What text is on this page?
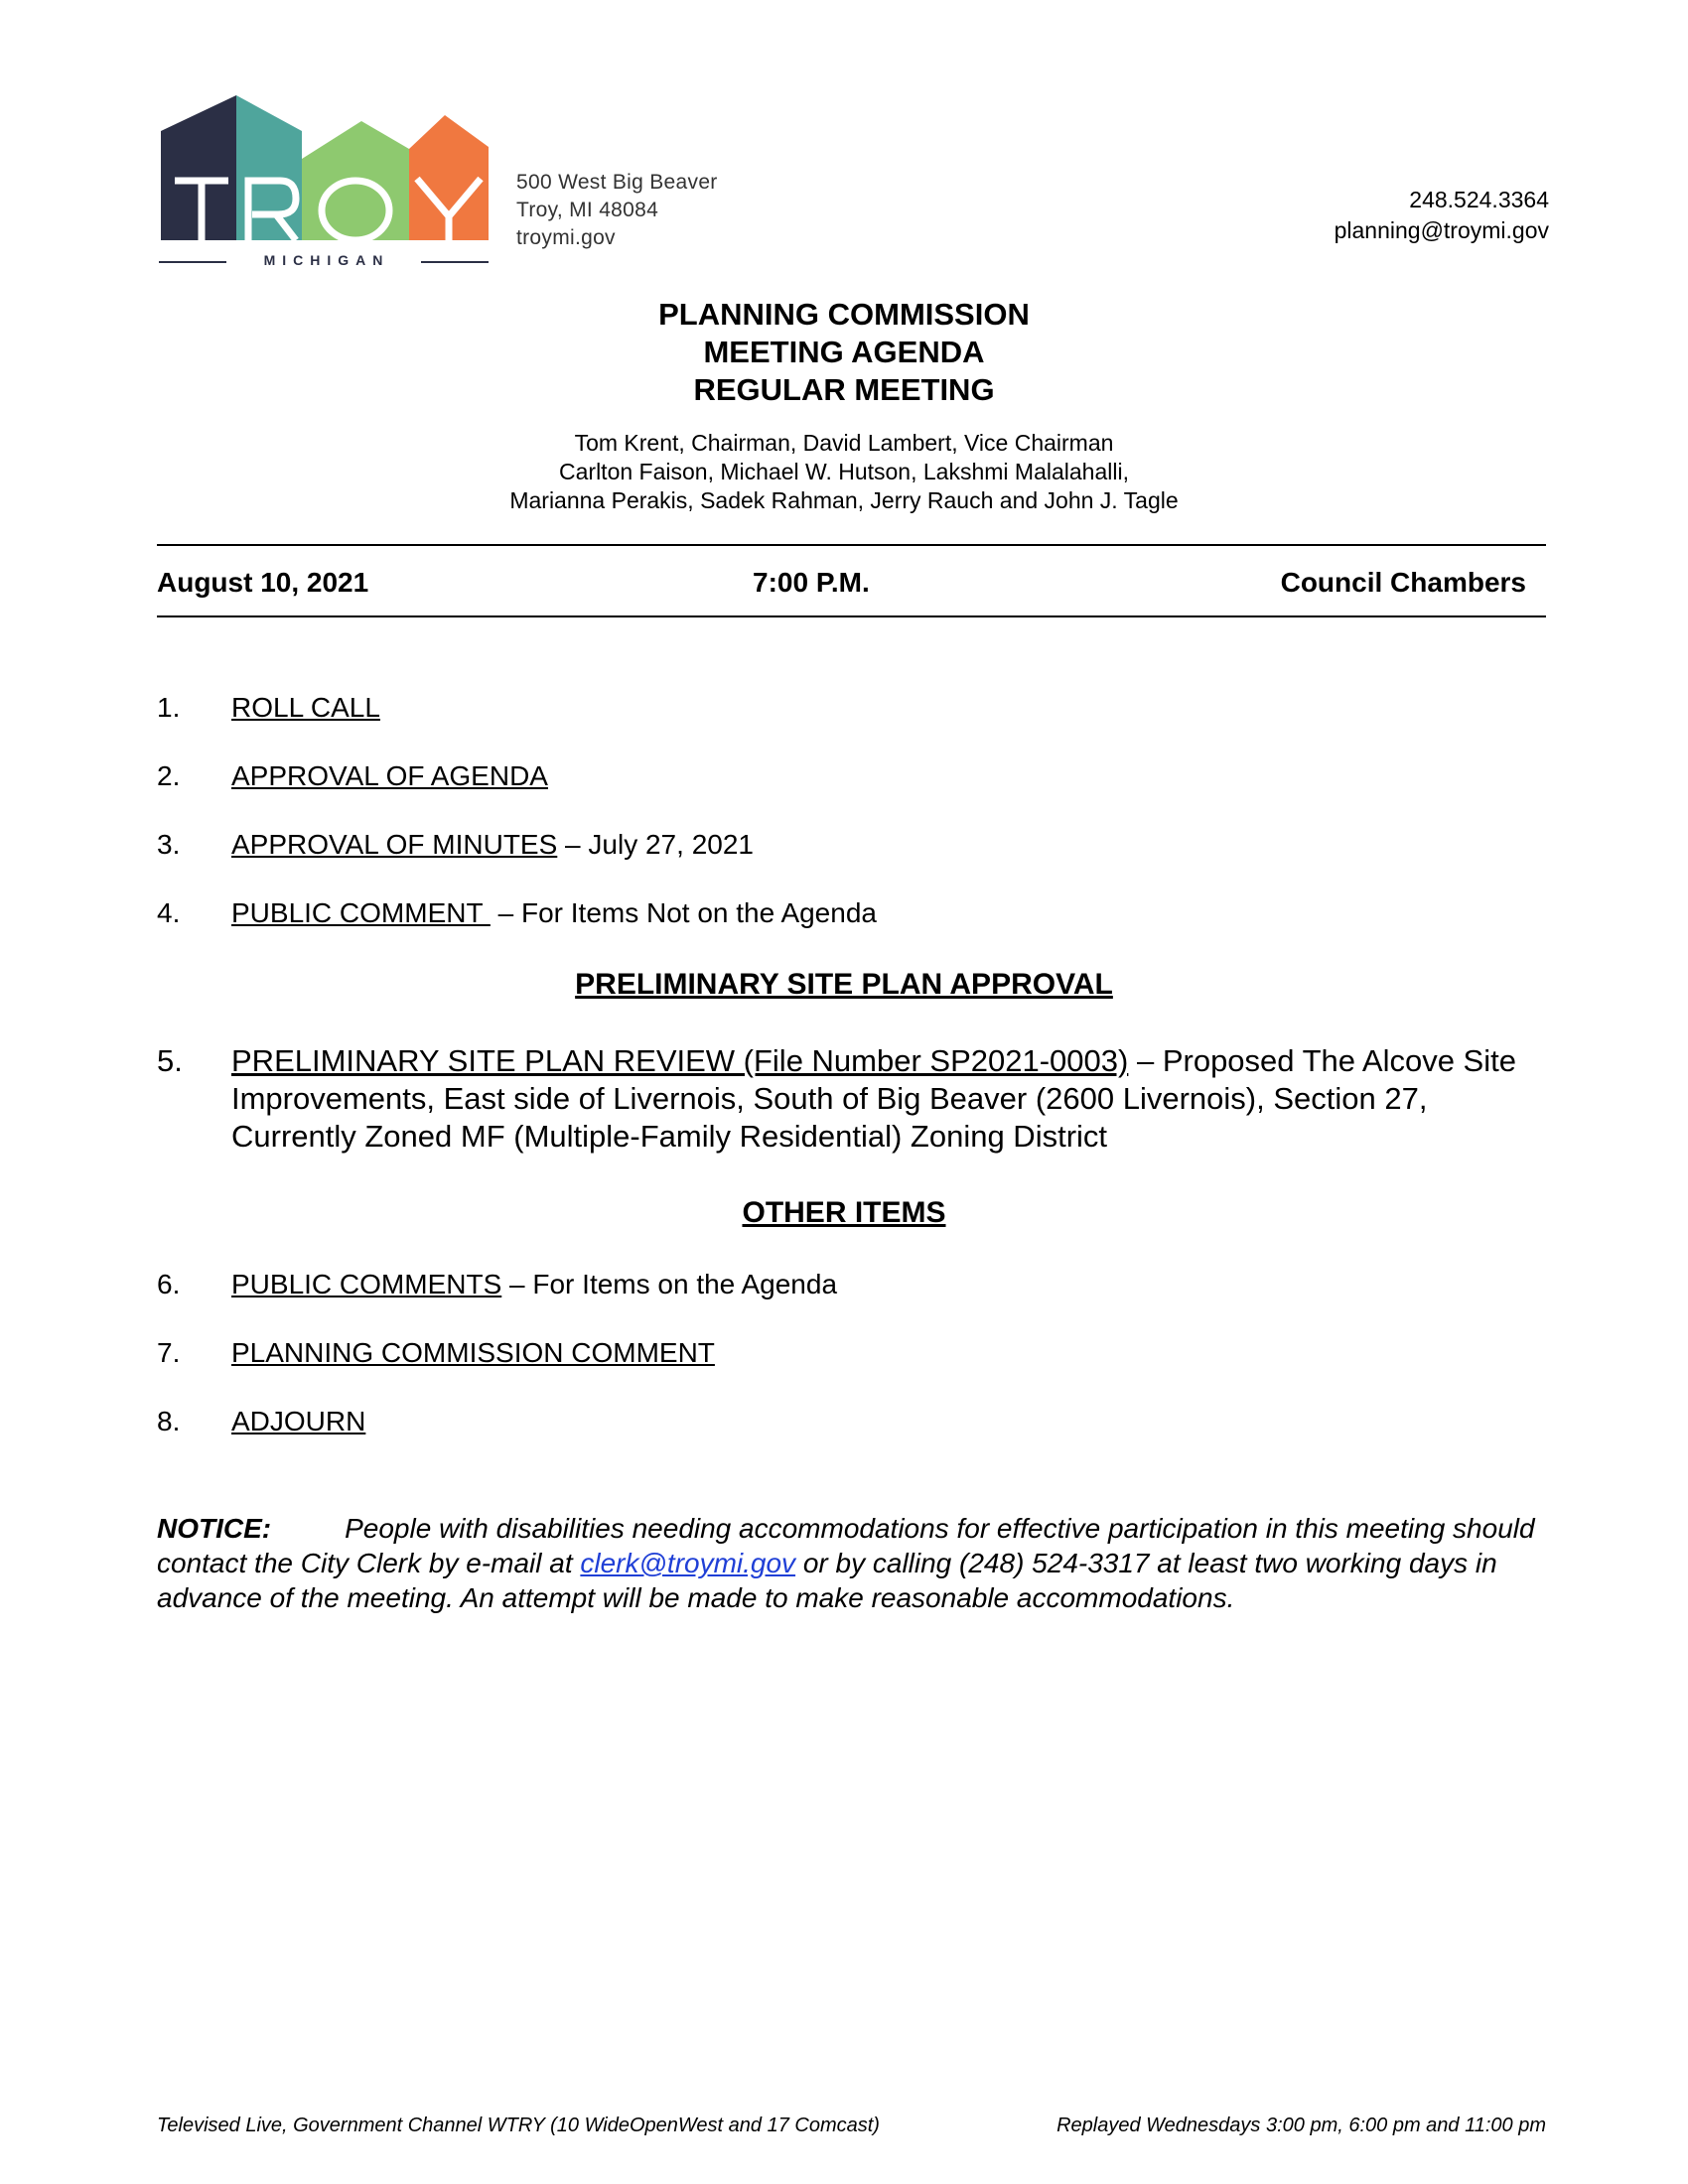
MICHIGAN
500 West Big Beaver
Troy, MI 48084
troymi.gov
248.524.3364
planning@troymi.gov
PLANNING COMMISSION
MEETING AGENDA
REGULAR MEETING
Tom Krent, Chairman, David Lambert, Vice Chairman
Carlton Faison, Michael W. Hutson, Lakshmi Malalahalli,
Marianna Perakis, Sadek Rahman, Jerry Rauch and John J. Tagle
August 10, 2021	7:00 P.M.	Council Chambers
1.	ROLL CALL
2.	APPROVAL OF AGENDA
3.	APPROVAL OF MINUTES – July 27, 2021
4.	PUBLIC COMMENT  – For Items Not on the Agenda
PRELIMINARY SITE PLAN APPROVAL
5.	PRELIMINARY SITE PLAN REVIEW (File Number SP2021-0003) – Proposed The Alcove Site Improvements, East side of Livernois, South of Big Beaver (2600 Livernois), Section 27, Currently Zoned MF (Multiple-Family Residential) Zoning District
OTHER ITEMS
6.	PUBLIC COMMENTS – For Items on the Agenda
7.	PLANNING COMMISSION COMMENT
8.	ADJOURN
NOTICE:	People with disabilities needing accommodations for effective participation in this meeting should contact the City Clerk by e-mail at clerk@troymi.gov or by calling (248) 524-3317 at least two working days in advance of the meeting. An attempt will be made to make reasonable accommodations.
Televised Live, Government Channel WTRY (10 WideOpenWest and 17 Comcast)	Replayed Wednesdays 3:00 pm, 6:00 pm and 11:00 pm
